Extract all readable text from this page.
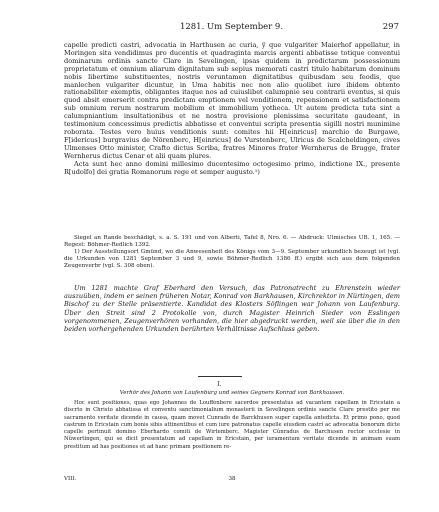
1281. Um September 9.	297

capelle predicti castri, advocatia in Harthusen ac curia, ÿ que vulgariter Maierhof appellatur, in Moringen sita vendidimus pro ducentis et quadraginta marcis argenti abbatisse totique conventui dominarum ordinis sancte Clare in Sevelingen, ipsas quidem in predictarum possessionum proprietatum et omnium aliarum dignitatum sub sepius memorati castri titulo habitarum dominum nobis libertime substituentes, nostris veruntamen dignitatibus quibusdam seu feodis, que manlechen vulgariter dicuntur, in Uma habitis nec non alio quolibet iure ibidem obtento rationabiliter exemptis, obligantes itaque nos ad cuiuslibet calumpnie seu contrarii eventus, si quis quod absit emerserit contra predictam emptionem vel venditionem, repensionem et satisfactionem sub omnium rerum nostrarum mobilium et immobilium yotheca. Ut autem predicta tuta sint a calumpniantium insultationibus et ne nostra provisione plenissima securitate gaudeant, in testimonium concessimus predictis abbatisse et conventui scripta presentia sigilli nostri munimine roborata. Testes vero huius venditionis sunt: comites hii H[einricus] marchio de Burgawe, F[idericus] burgravius de Nörenberc, H[einricus] de Vurstenberc, Ulricus de Scalcheldingen, cives Ulmenses Otto minister, Crafto dictus Scriba, fratres Minores frater Wernherus de Brugge, frater Wernherus dictus Cenar et alii quam plures.

Acta sunt hec anno domini millesimo ducentesimo octogesimo primo, indictione IX., presente R[udolfo] dei gratia Romanorum rege et semper augusto.¹)

Siegel an Rande beschädigt, s. a. S. 191 und von Alberti, Tafel 8, Nro. 6. — Abdruck: Ulmisches UB. 1, 165. — Regest: Böhmer-Redlich 1392.

1) Der Ausstellungsort Gmünd, wo die Anwesenheit des Königs vom 3—9. September urkundlich bezeugt ist (vgl. die Urkunden von 1281 September 3 und 9, sowie Böhmer-Redlich 1386 ff.) ergibt sich aus dem folgenden Zeugenverbr (vgl. S. 308 oben).

Um 1281 machte Graf Eberhard den Versuch, das Patronatrecht zu Ehrenstein wieder auszuüben, indem er seinen früheren Notar, Konrad von Barkhausen, Kirchrektor in Nürtingen, dem Bischof zu der Stelle präsentierte. Kandidat des Klosters Söflingen war Johann von Laufenburg. Über den Streit sind 2 Protokolle von, durch Magister Heinrich Sieder von Esslingen vorgenommenen, Zeugenverhören vorhanden, die hier abgedruckt werden, weil sie über die in den beiden vorhergehenden Urkunden berührten Verhältnisse Aufschluss geben.

I.
Verhör des Johann von Laufenburg und seines Gegners Konrad von Barkhausen.

Hoc sunt positiones, quas ego Johannes de Louffenbere sacerdos presentatus ad vacantem capellam in Ericstain a discrto in Christo abbatissa et conventu sanctimonialium monasterii in Sevelingen ordinis sancte Clare prestito per me sacramento veritate dicende in causa, quam movet Cunrado de Barckhusen super capella antedicta. Et primo pono, quod castrum in Ericstain cum bonis sibis attinentibus et cum iure patronatus capelle eiusdem castri ac advocatia bonorum dicte capelle pertinuit domino Eberhardo comiti de Wirtemberc. Magister Cûnradus de Barchusen rector ecclesie in Nûwertingen, qui se dicit presentatum ad capellam in Ericstain, per iuramentum veritate dicende in animam suam prestitum ad has positiones et ad hanc primam positionem re-

VIII.	38
